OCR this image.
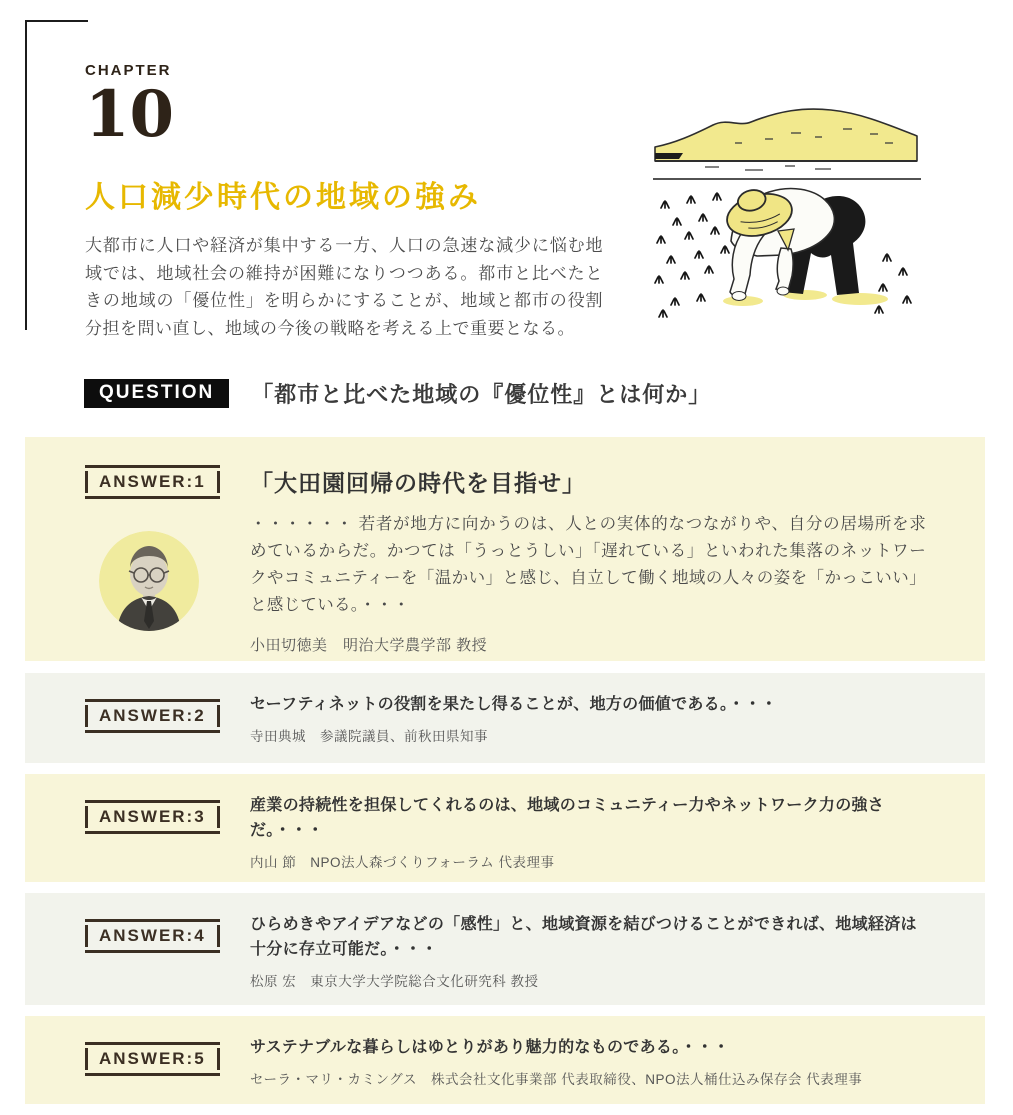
CHAPTER
10
人口減少時代の地域の強み

大都市に人口や経済が集中する一方、人口の急速な減少に悩む地域では、地域社会の維持が困難になりつつある。都市と比べたときの地域の「優位性」を明らかにすることが、地域と都市の役割分担を問い直し、地域の今後の戦略を考える上で重要となる。

QUESTION	「都市と比べた地域の『優位性』とは何か」
ANSWER:1	「大田園回帰の時代を目指せ」

・・・・・・ 若者が地方に向かうのは、人との実体的なつながりや、自分の居場所を求めているからだ。かつては「うっとうしい」「遅れている」といわれた集落のネットワークやコミュニティーを「温かい」と感じ、自立して働く地域の人々の姿を「かっこいい」と感じている。・・・

小田切徳美　明治大学農学部 教授
ANSWER:2

セーフティネットの役割を果たし得ることが、地方の価値である。・・・

寺田典城　参議院議員、前秋田県知事
ANSWER:3

産業の持続性を担保してくれるのは、地域のコミュニティー力やネットワーク力の強さだ。・・・

内山 節　NPO法人森づくりフォーラム 代表理事
ANSWER:4

ひらめきやアイデアなどの「感性」と、地域資源を結びつけることができれば、地域経済は十分に存立可能だ。・・・

松原 宏　東京大学大学院総合文化研究科 教授
ANSWER:5

サステナブルな暮らしはゆとりがあり魅力的なものである。・・・

セーラ・マリ・カミングス　株式会社文化事業部 代表取締役、NPO法人桶仕込み保存会 代表理事
